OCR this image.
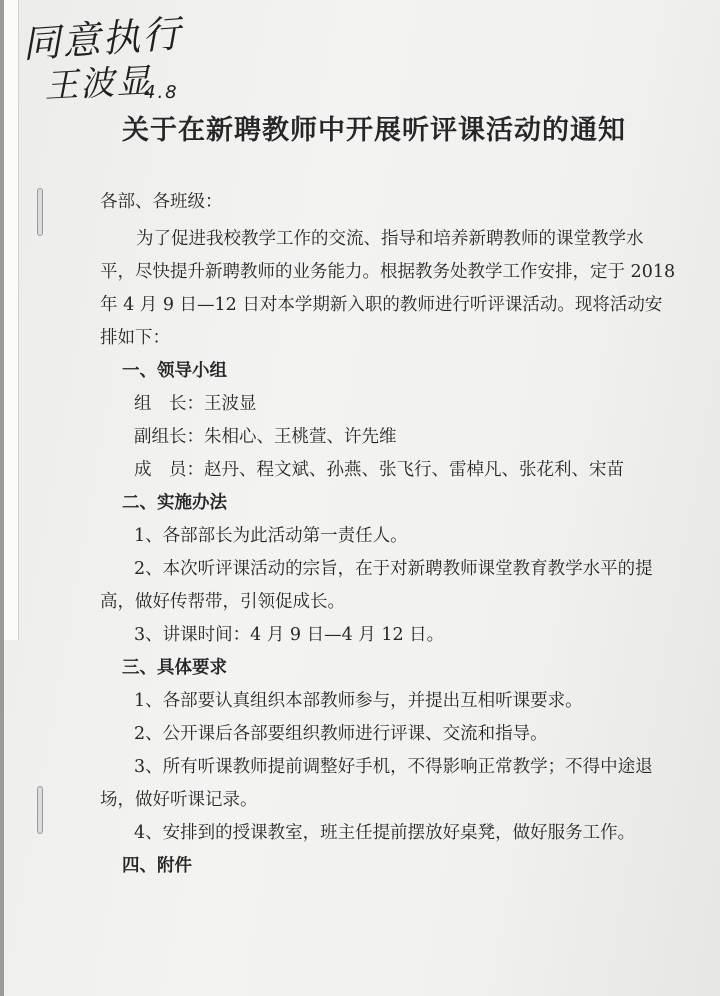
同意执行
王波显
4.8
关于在新聘教师中开展听评课活动的通知
各部、各班级：
为了促进我校教学工作的交流、指导和培养新聘教师的课堂教学水
平，尽快提升新聘教师的业务能力。根据教务处教学工作安排，定于 2018
年 4 月 9 日—12 日对本学期新入职的教师进行听评课活动。现将活动安
排如下：
一、领导小组
组　长：王波显
副组长：朱相心、王桃萱、许先维
成　员：赵丹、程文斌、孙燕、张飞行、雷棹凡、张花利、宋苗
二、实施办法
1、各部部长为此活动第一责任人。
2、本次听评课活动的宗旨，在于对新聘教师课堂教育教学水平的提
高，做好传帮带，引领促成长。
3、讲课时间：4 月 9 日—4 月 12 日。
三、具体要求
1、各部要认真组织本部教师参与，并提出互相听课要求。
2、公开课后各部要组织教师进行评课、交流和指导。
3、所有听课教师提前调整好手机，不得影响正常教学；不得中途退
场，做好听课记录。
4、安排到的授课教室，班主任提前摆放好桌凳，做好服务工作。
四、附件
